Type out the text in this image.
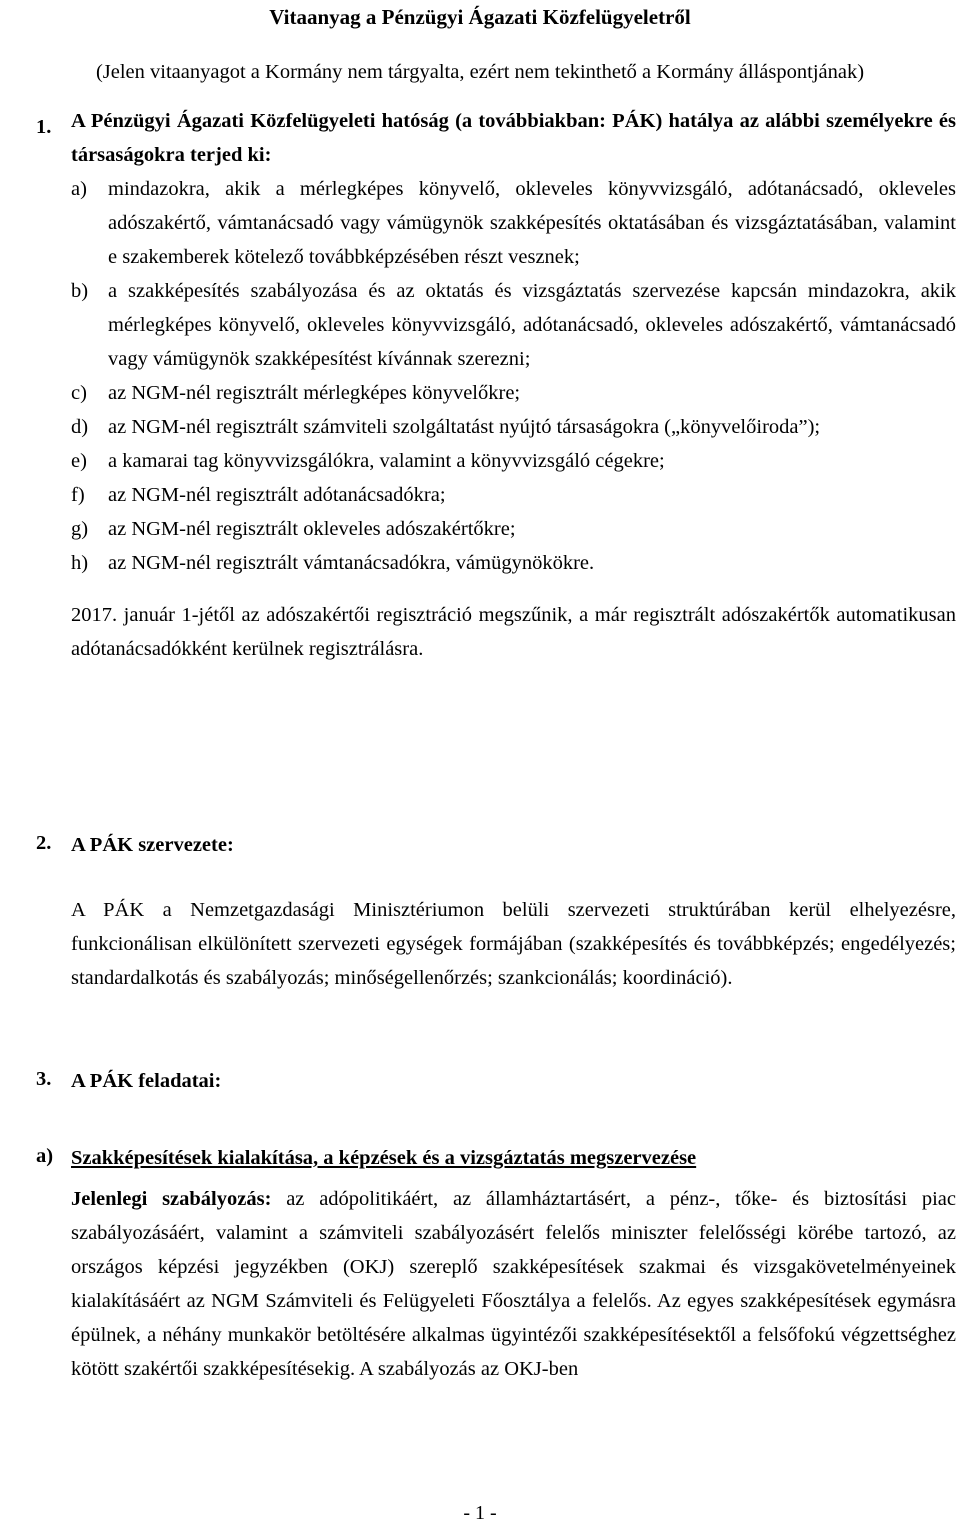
Vitaanyag a Pénzügyi Ágazati Közfelügyeletről
(Jelen vitaanyagot a Kormány nem tárgyalta, ezért nem tekinthető a Kormány álláspontjának)
1. A Pénzügyi Ágazati Közfelügyeleti hatóság (a továbbiakban: PÁK) hatálya az alábbi személyekre és társaságokra terjed ki:

a) mindazokra, akik a mérlegképes könyvelő, okleveles könyvvizsgáló, adótanácsadó, okleveles adószakértő, vámtanácsadó vagy vámügynök szakképesítés oktatásában és vizsgáztatásában, valamint e szakemberek kötelező továbbképzésében részt vesznek;

b) a szakképesítés szabályozása és az oktatás és vizsgáztatás szervezése kapcsán mindazokra, akik mérlegképes könyvelő, okleveles könyvvizsgáló, adótanácsadó, okleveles adószakértő, vámtanácsadó vagy vámügynök szakképesítést kívánnak szerezni;

c) az NGM-nél regisztrált mérlegképes könyvelőkre;

d) az NGM-nél regisztrált számviteli szolgáltatást nyújtó társaságokra („könyvelőiroda”);

e) a kamarai tag könyvvizsgálókra, valamint a könyvvizsgáló cégekre;

f) az NGM-nél regisztrált adótanácsadókra;

g) az NGM-nél regisztrált okleveles adószakértőkre;

h) az NGM-nél regisztrált vámtanácsadókra, vámügynökökre.

2017. január 1-jétől az adószakértői regisztráció megszűnik, a már regisztrált adószakértők automatikusan adótanácsadókként kerülnek regisztrálásra.

2. A PÁK szervezete:

A PÁK a Nemzetgazdasági Minisztériumon belüli szervezeti struktúrában kerül elhelyezésre, funkcionálisan elkülönített szervezeti egységek formájában (szakképesítés és továbbképzés; engedélyezés; standardalkotás és szabályozás; minőségellenőrzés; szankcionálás; koordináció).

3. A PÁK feladatai:
a) Szakképesítések kialakítása, a képzések és a vizsgáztatás megszervezése

Jelenlegi szabályozás: az adópolitikáért, az államháztartásért, a pénz-, tőke- és biztosítási piac szabályozásáért, valamint a számviteli szabályozásért felelős miniszter felelősségi körébe tartozó, az országos képzési jegyzékben (OKJ) szereplő szakképesítések szakmai és vizsgakövetelményeinek kialakításáért az NGM Számviteli és Felügyeleti Főosztálya a felelős. Az egyes szakképesítések egymásra épülnek, a néhány munkakör betöltésére alkalmas ügyintézői szakképesítésektől a felsőfokú végzettséghez kötött szakértői szakképesítésekig. A szabályozás az OKJ-ben

- 1 -
